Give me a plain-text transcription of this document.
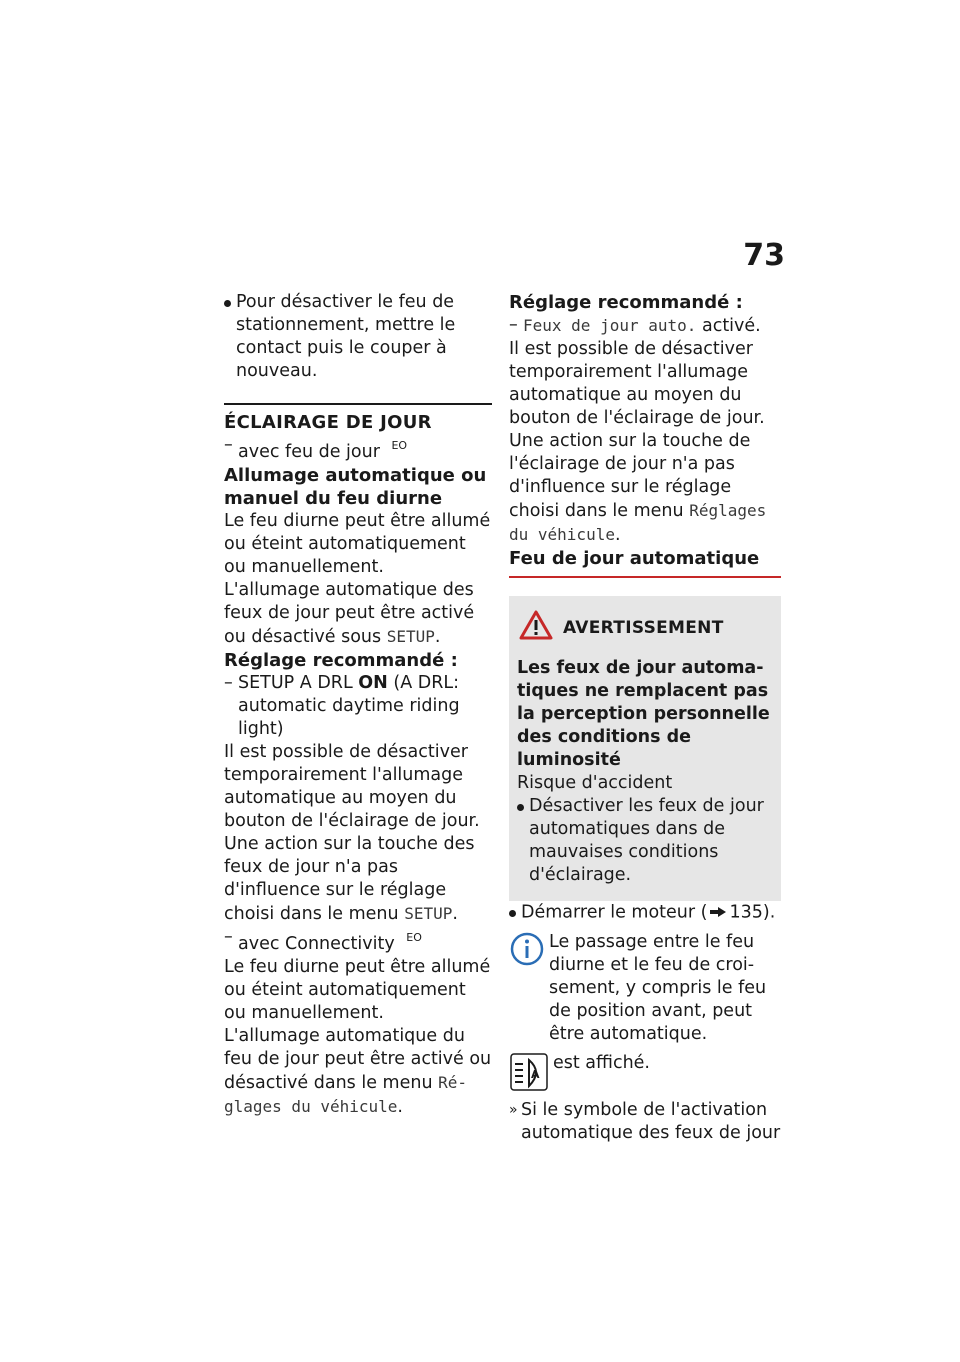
73

Pour désactiver le feu de stationnement, mettre le contact puis le couper à nouveau.

ÉCLAIRAGE DE JOUR

– avec feu de jour $^{EO}$

Allumage automatique ou manuel du feu diurne

Le feu diurne peut être allumé ou éteint automatiquement ou manuellement.

L'allumage automatique des feux de jour peut être activé ou désactivé sous SETUP.

Réglage recommandé :

– SETUP A DRL ON (A DRL: automatic daytime riding light)

Il est possible de désactiver temporairement l'allumage automatique au moyen du bouton de l'éclairage de jour. Une action sur la touche des feux de jour n'a pas d'influence sur le réglage choisi dans le menu SETUP.

– avec Connectivity $^{EO}$

Le feu diurne peut être allumé ou éteint automatiquement ou manuellement.

L'allumage automatique du feu de jour peut être activé ou désactivé dans le menu Réglages du véhicule.

Réglage recommandé :

– Feux de jour auto. activé.

Il est possible de désactiver temporairement l'allumage automatique au moyen du bouton de l'éclairage de jour. Une action sur la touche de l'éclairage de jour n'a pas d'influence sur le réglage choisi dans le menu Réglages du véhicule.

Feu de jour automatique

AVERTISSEMENT

Les feux de jour automatiques ne remplacent pas la perception personnelle des conditions de luminosité

Risque d'accident

Désactiver les feux de jour automatiques dans de mauvaises conditions d'éclairage.

Démarrer le moteur ( 135).

Le passage entre le feu diurne et le feu de croisement, y compris le feu de position avant, peut être automatique.

A

est affiché.

» Si le symbole de l'activation automatique des feux de jour
